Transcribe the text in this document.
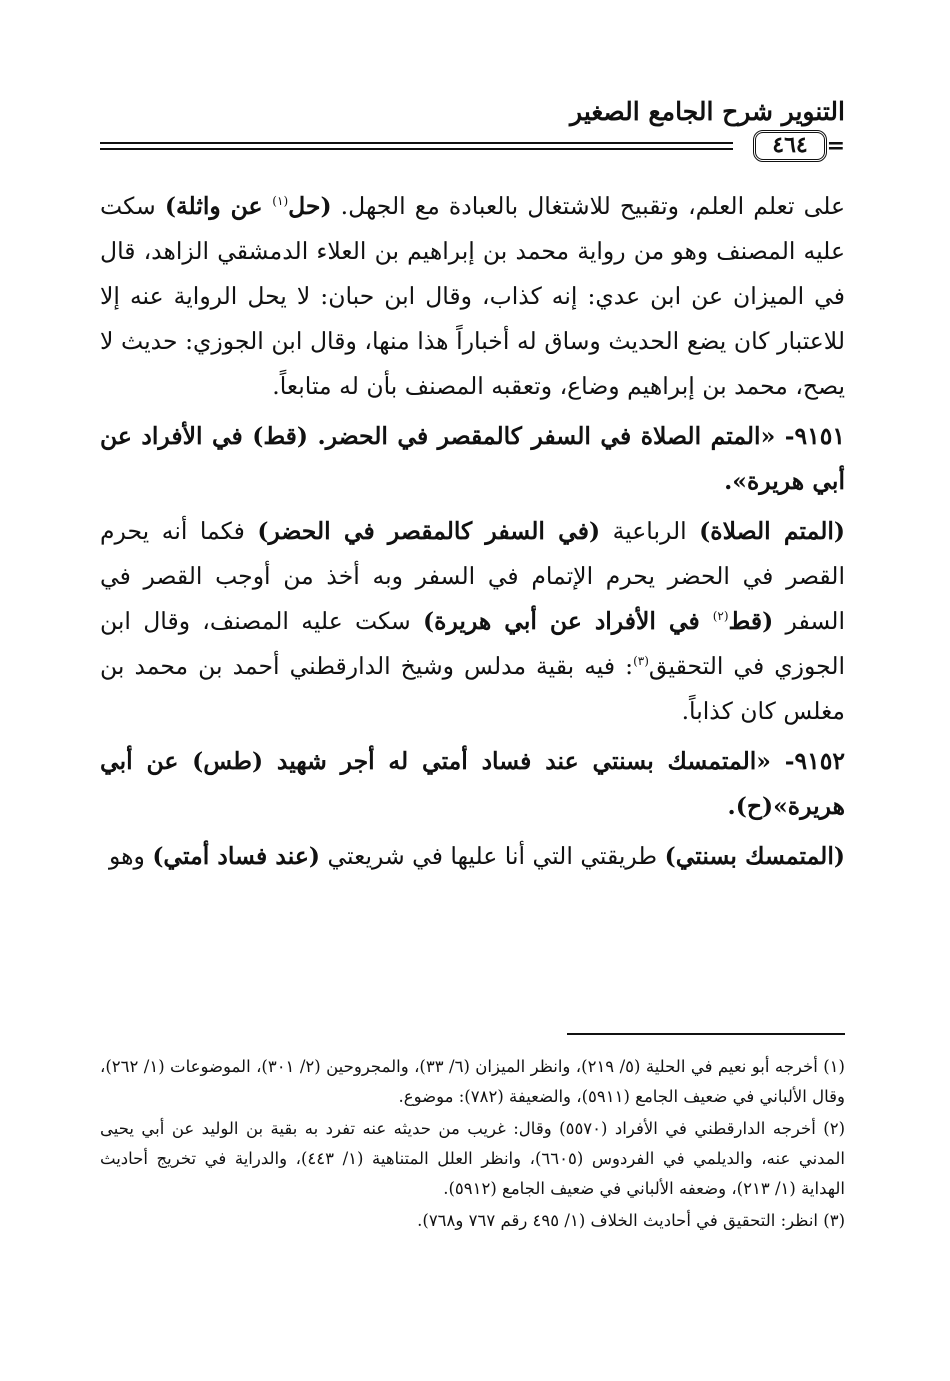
التنوير شرح الجامع الصغير
=
٤٦٤

على تعلم العلم، وتقبيح للاشتغال بالعبادة مع الجهل. (حل$^{(١)}$ عن واثلة) سكت عليه المصنف وهو من رواية محمد بن إبراهيم بن العلاء الدمشقي الزاهد، قال في الميزان عن ابن عدي: إنه كذاب، وقال ابن حبان: لا يحل الرواية عنه إلا للاعتبار كان يضع الحديث وساق له أخباراً هذا منها، وقال ابن الجوزي: حديث لا يصح، محمد بن إبراهيم وضاع، وتعقبه المصنف بأن له متابعاً.

٩١٥١- «المتم الصلاة في السفر كالمقصر في الحضر. (قط) في الأفراد عن أبي هريرة».

(المتم الصلاة) الرباعية (في السفر كالمقصر في الحضر) فكما أنه يحرم القصر في الحضر يحرم الإتمام في السفر وبه أخذ من أوجب القصر في السفر (قط$^{(٢)}$ في الأفراد عن أبي هريرة) سكت عليه المصنف، وقال ابن الجوزي في التحقيق$^{(٣)}$: فيه بقية مدلس وشيخ الدارقطني أحمد بن محمد بن مغلس كان كذاباً.

٩١٥٢- «المتمسك بسنتي عند فساد أمتي له أجر شهيد (طس) عن أبي هريرة»(ح).

(المتمسك بسنتي) طريقتي التي أنا عليها في شريعتي (عند فساد أمتي) وهو

(١) أخرجه أبو نعيم في الحلية (٥/ ٢١٩)، وانظر الميزان (٦/ ٣٣)، والمجروحين (٢/ ٣٠١)، الموضوعات (١/ ٢٦٢)، وقال الألباني في ضعيف الجامع (٥٩١١)، والضعيفة (٧٨٢): موضوع.

(٢) أخرجه الدارقطني في الأفراد (٥٥٧٠) وقال: غريب من حديثه عنه تفرد به بقية بن الوليد عن أبي يحيى المدني عنه، والديلمي في الفردوس (٦٦٠٥)، وانظر العلل المتناهية (١/ ٤٤٣)، والدراية في تخريج أحاديث الهداية (١/ ٢١٣)، وضعفه الألباني في ضعيف الجامع (٥٩١٢).

(٣) انظر: التحقيق في أحاديث الخلاف (١/ ٤٩٥ رقم ٧٦٧ و٧٦٨).
